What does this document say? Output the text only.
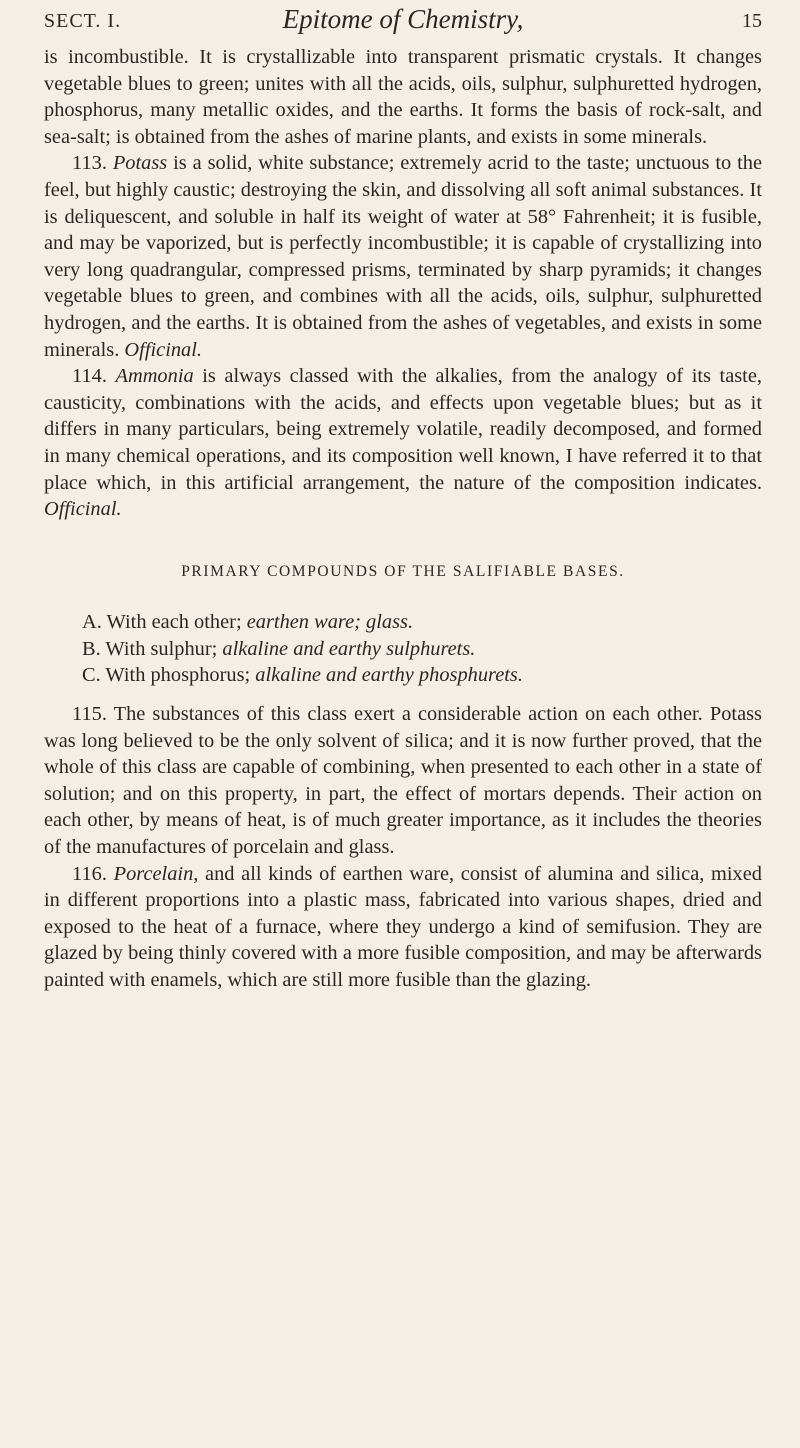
SECT. I.	Epitome of Chemistry,	15

is incombustible. It is crystallizable into transparent prismatic crystals. It changes vegetable blues to green; unites with all the acids, oils, sulphur, sulphuretted hydrogen, phosphorus, many metallic oxides, and the earths. It forms the basis of rock-salt, and sea-salt; is obtained from the ashes of marine plants, and exists in some minerals.

113. Potass is a solid, white substance; extremely acrid to the taste; unctuous to the feel, but highly caustic; destroying the skin, and dissolving all soft animal substances. It is deliquescent, and soluble in half its weight of water at 58° Fahrenheit; it is fusible, and may be vaporized, but is perfectly incombustible; it is capable of crystallizing into very long quadrangular, compressed prisms, terminated by sharp pyramids; it changes vegetable blues to green, and combines with all the acids, oils, sulphur, sulphuretted hydrogen, and the earths. It is obtained from the ashes of vegetables, and exists in some minerals. Officinal.

114. Ammonia is always classed with the alkalies, from the analogy of its taste, causticity, combinations with the acids, and effects upon vegetable blues; but as it differs in many particulars, being extremely volatile, readily decomposed, and formed in many chemical operations, and its composition well known, I have referred it to that place which, in this artificial arrangement, the nature of the composition indicates. Officinal.

PRIMARY COMPOUNDS OF THE SALIFIABLE BASES.

A. With each other; earthen ware; glass.

B. With sulphur; alkaline and earthy sulphurets.

C. With phosphorus; alkaline and earthy phosphurets.

115. The substances of this class exert a considerable action on each other. Potass was long believed to be the only solvent of silica; and it is now further proved, that the whole of this class are capable of combining, when presented to each other in a state of solution; and on this property, in part, the effect of mortars depends. Their action on each other, by means of heat, is of much greater importance, as it includes the theories of the manufactures of porcelain and glass.

116. Porcelain, and all kinds of earthen ware, consist of alumina and silica, mixed in different proportions into a plastic mass, fabricated into various shapes, dried and exposed to the heat of a furnace, where they undergo a kind of semifusion. They are glazed by being thinly covered with a more fusible composition, and may be afterwards painted with enamels, which are still more fusible than the glazing.
